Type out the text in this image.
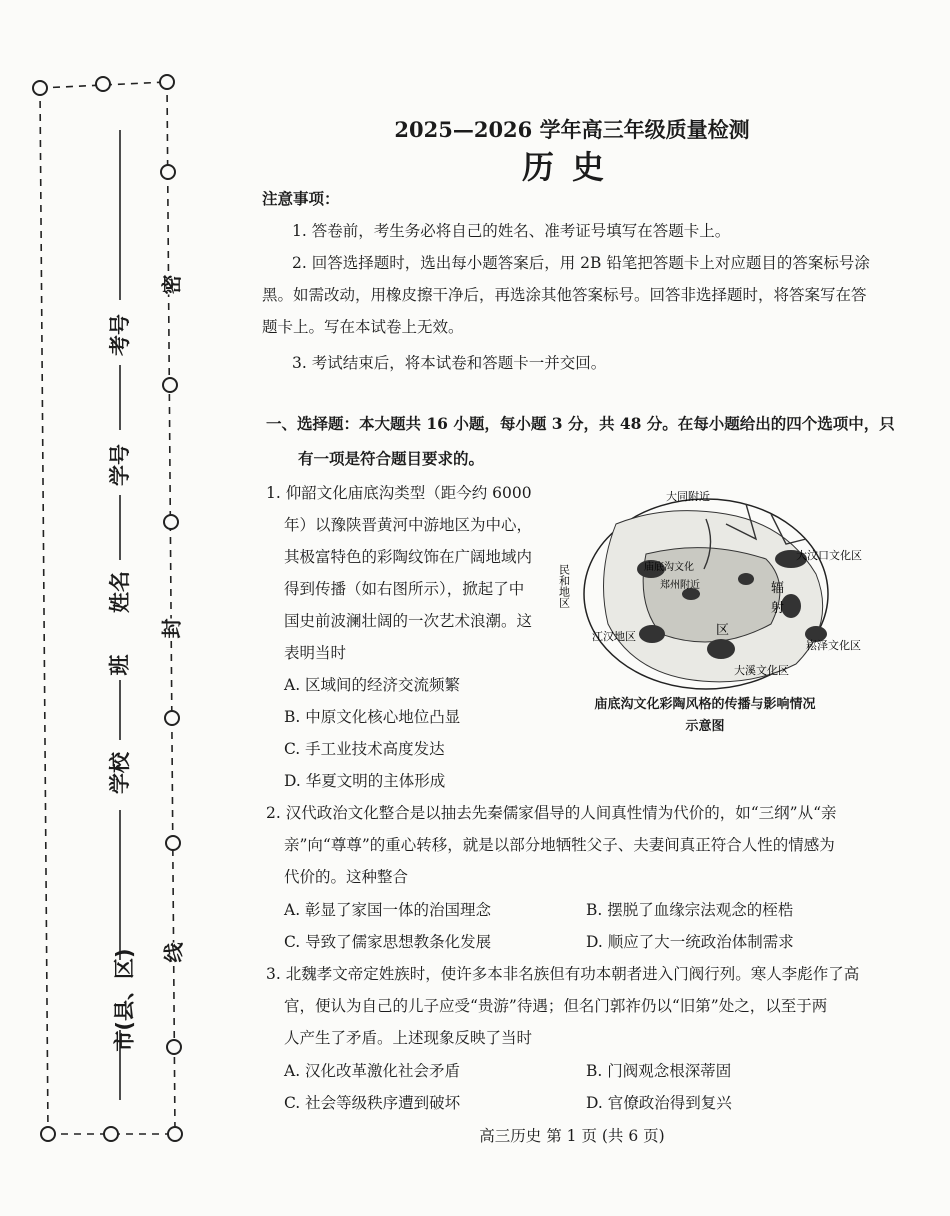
考号
学号
姓名
班
学校
市(县、区)
密
封
线
2025—2026 学年高三年级质量检测
历史
注意事项：
1. 答卷前，考生务必将自己的姓名、准考证号填写在答题卡上。
2. 回答选择题时，选出每小题答案后，用 2B 铅笔把答题卡上对应题目的答案标号涂
黑。如需改动，用橡皮擦干净后，再选涂其他答案标号。回答非选择题时，将答案写在答
题卡上。写在本试卷上无效。
3. 考试结束后，将本试卷和答题卡一并交回。
一、选择题：本大题共 16 小题，每小题 3 分，共 48 分。在每小题给出的四个选项中，只
有一项是符合题目要求的。
1. 仰韶文化庙底沟类型（距今约 6000
年）以豫陕晋黄河中游地区为中心，
其极富特色的彩陶纹饰在广阔地域内
得到传播（如右图所示），掀起了中
国史前波澜壮阔的一次艺术浪潮。这
表明当时
A. 区域间的经济交流频繁
B. 中原文化核心地位凸显
C. 手工业技术高度发达
D. 华夏文明的主体形成
大同附近
民和地区
大汶口文化区
江汉地区
崧泽文化区
大溪文化区
庙底沟文化
郑州附近	辐
射
区
庙底沟文化彩陶风格的传播与影响情况
示意图
2. 汉代政治文化整合是以抽去先秦儒家倡导的人间真性情为代价的，如“三纲”从“亲
亲”向“尊尊”的重心转移，就是以部分地牺牲父子、夫妻间真正符合人性的情感为
代价的。这种整合
A. 彰显了家国一体的治国理念	B. 摆脱了血缘宗法观念的桎梏
C. 导致了儒家思想教条化发展	D. 顺应了大一统政治体制需求
3. 北魏孝文帝定姓族时，使许多本非名族但有功本朝者进入门阀行列。寒人李彪作了高
官，便认为自己的儿子应受“贵游”待遇；但名门郭祚仍以“旧第”处之，以至于两
人产生了矛盾。上述现象反映了当时
A. 汉化改革激化社会矛盾	B. 门阀观念根深蒂固
C. 社会等级秩序遭到破坏	D. 官僚政治得到复兴
高三历史 第 1 页 (共 6 页)
